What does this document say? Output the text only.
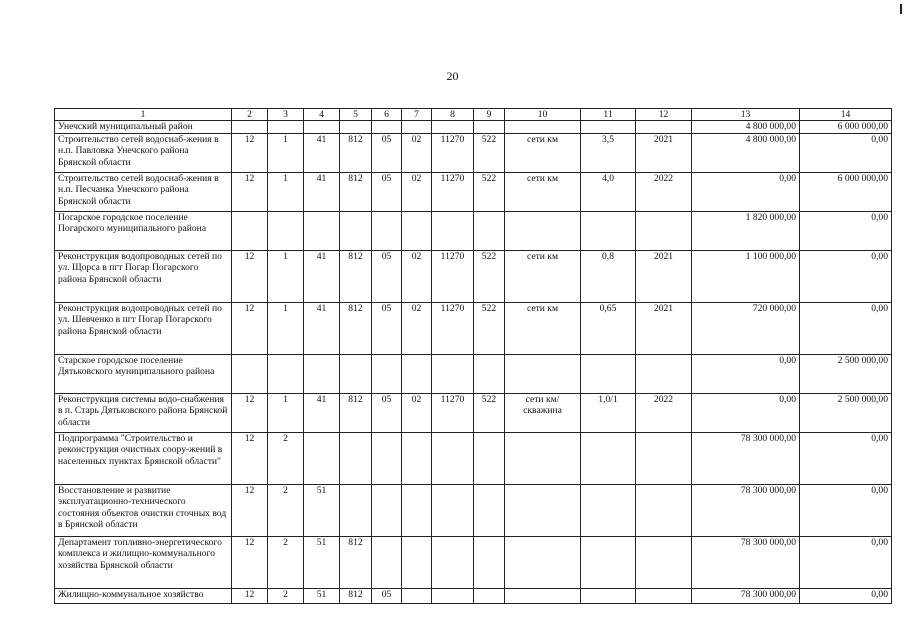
20
1	2	3	4	5	6	7	8	9	10	11	12	13	14
Унечский муниципальный район												4 800 000,00	6 000 000,00
Строительство сетей водоснаб-жения в н.п. Павловка Унечского района Брянской области	12	1	41	812	05	02	11270	522	сети км	3,5	2021	4 800 000,00	0,00
Строительство сетей водоснаб-жения в н.п. Песчанка Унечского района Брянской области	12	1	41	812	05	02	11270	522	сети км	4,0	2022	0,00	6 000 000,00
Погарское городское поселение Погарского муниципального района												1 820 000,00	0,00
Реконструкция водопроводных сетей по ул. Щорса в пгт Погар Погарского района Брянской области	12	1	41	812	05	02	11270	522	сети км	0,8	2021	1 100 000,00	0,00
Реконструкция водопроводных сетей по ул. Шевченко в пгт Погар Погарского района Брянской области	12	1	41	812	05	02	11270	522	сети км	0,65	2021	720 000,00	0,00
Старское городское поселение Дятьковского муниципального района												0,00	2 500 000,00
Реконструкция системы водо-снабжения в п. Старь Дятьковского района Брянской области	12	1	41	812	05	02	11270	522	сети км/ скважина	1,0/1	2022	0,00	2 500 000,00
Подпрограмма "Строительство и реконструкция очистных соору-жений в населенных пунктах Брянской области"	12	2										78 300 000,00	0,00
Восстановление и развитие эксплуатационно-технического состояния объектов очистки сточных вод в Брянской области	12	2	51									78 300 000,00	0,00
Департамент топливно-энергетического комплекса и жилищно-коммунального хозяйства Брянской области	12	2	51	812								78 300 000,00	0,00
Жилищно-коммунальное хозяйство	12	2	51	812	05							78 300 000,00	0,00
